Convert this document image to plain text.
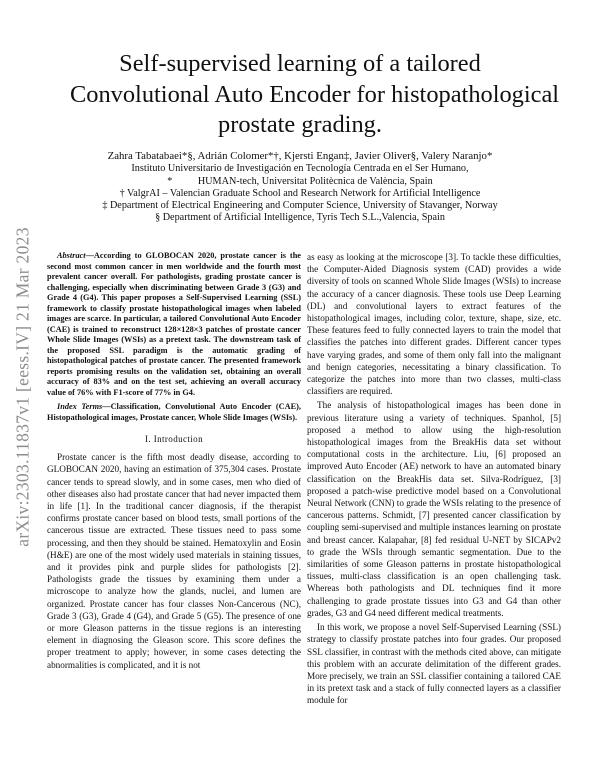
arXiv:2303.11837v1 [eess.IV] 21 Mar 2023
Self-supervised learning of a tailored
Convolutional Auto Encoder for histopathological
prostate grading.
Zahra Tabatabaei*§, Adrián Colomer*†, Kjersti Engan‡, Javier Oliver§, Valery Naranjo*
Instituto Universitario de Investigación en Tecnología Centrada en el Ser Humano,
*          HUMAN-tech, Universitat Politècnica de València, Spain
† ValgrAI – Valencian Graduate School and Research Network for Artificial Intelligence
‡ Department of Electrical Engineering and Computer Science, University of Stavanger, Norway
§ Department of Artificial Intelligence, Tyris Tech S.L.,Valencia, Spain

Abstract—According to GLOBOCAN 2020, prostate cancer is the second most common cancer in men worldwide and the fourth most prevalent cancer overall. For pathologists, grading prostate cancer is challenging, especially when discriminating between Grade 3 (G3) and Grade 4 (G4). This paper proposes a Self-Supervised Learning (SSL) framework to classify prostate histopathological images when labeled images are scarce. In particular, a tailored Convolutional Auto Encoder (CAE) is trained to reconstruct 128×128×3 patches of prostate cancer Whole Slide Images (WSIs) as a pretext task. The downstream task of the proposed SSL paradigm is the automatic grading of histopathological patches of prostate cancer. The presented framework reports promising results on the validation set, obtaining an overall accuracy of 83% and on the test set, achieving an overall accuracy value of 76% with F1-score of 77% in G4.

Index Terms—Classification, Convolutional Auto Encoder (CAE), Histopathological images, Prostate cancer, Whole Slide Images (WSIs).

I. Introduction

Prostate cancer is the fifth most deadly disease, according to GLOBOCAN 2020, having an estimation of 375,304 cases. Prostate cancer tends to spread slowly, and in some cases, men who died of other diseases also had prostate cancer that had never impacted them in life [1]. In the traditional cancer diagnosis, if the therapist confirms prostate cancer based on blood tests, small portions of the cancerous tissue are extracted. These tissues need to pass some processing, and then they should be stained. Hematoxylin and Eosin (H&E) are one of the most widely used materials in staining tissues, and it provides pink and purple slides for pathologists [2]. Pathologists grade the tissues by examining them under a microscope to analyze how the glands, nuclei, and lumen are organized. Prostate cancer has four classes Non-Cancerous (NC), Grade 3 (G3), Grade 4 (G4), and Grade 5 (G5). The presence of one or more Gleason patterns in the tissue regions is an interesting element in diagnosing the Gleason score. This score defines the proper treatment to apply; however, in some cases detecting the abnormalities is complicated, and it is not

as easy as looking at the microscope [3]. To tackle these difficulties, the Computer-Aided Diagnosis system (CAD) provides a wide diversity of tools on scanned Whole Slide Images (WSIs) to increase the accuracy of a cancer diagnosis. These tools use Deep Learning (DL) and convolutional layers to extract features of the histopathological images, including color, texture, shape, size, etc. These features feed to fully connected layers to train the model that classifies the patches into different grades. Different cancer types have varying grades, and some of them only fall into the malignant and benign categories, necessitating a binary classification. To categorize the patches into more than two classes, multi-class classifiers are required.

The analysis of histopathological images has been done in previous literature using a variety of techniques. Spanhol, [5] proposed a method to allow using the high-resolution histopathological images from the BreakHis data set without computational costs in the architecture. Liu, [6] proposed an improved Auto Encoder (AE) network to have an automated binary classification on the BreakHis data set. Silva-Rodríguez, [3] proposed a patch-wise predictive model based on a Convolutional Neural Network (CNN) to grade the WSIs relating to the presence of cancerous patterns. Schmidt, [7] presented cancer classification by coupling semi-supervised and multiple instances learning on prostate and breast cancer. Kalapahar, [8] fed residual U-NET by SICAPv2 to grade the WSIs through semantic segmentation. Due to the similarities of some Gleason patterns in prostate histopathological tissues, multi-class classification is an open challenging task. Whereas both pathologists and DL techniques find it more challenging to grade prostate tissues into G3 and G4 than other grades, G3 and G4 need different medical treatments.

In this work, we propose a novel Self-Supervised Learning (SSL) strategy to classify prostate patches into four grades. Our proposed SSL classifier, in contrast with the methods cited above, can mitigate this problem with an accurate delimitation of the different grades. More precisely, we train an SSL classifier containing a tailored CAE in its pretext task and a stack of fully connected layers as a classifier module for
